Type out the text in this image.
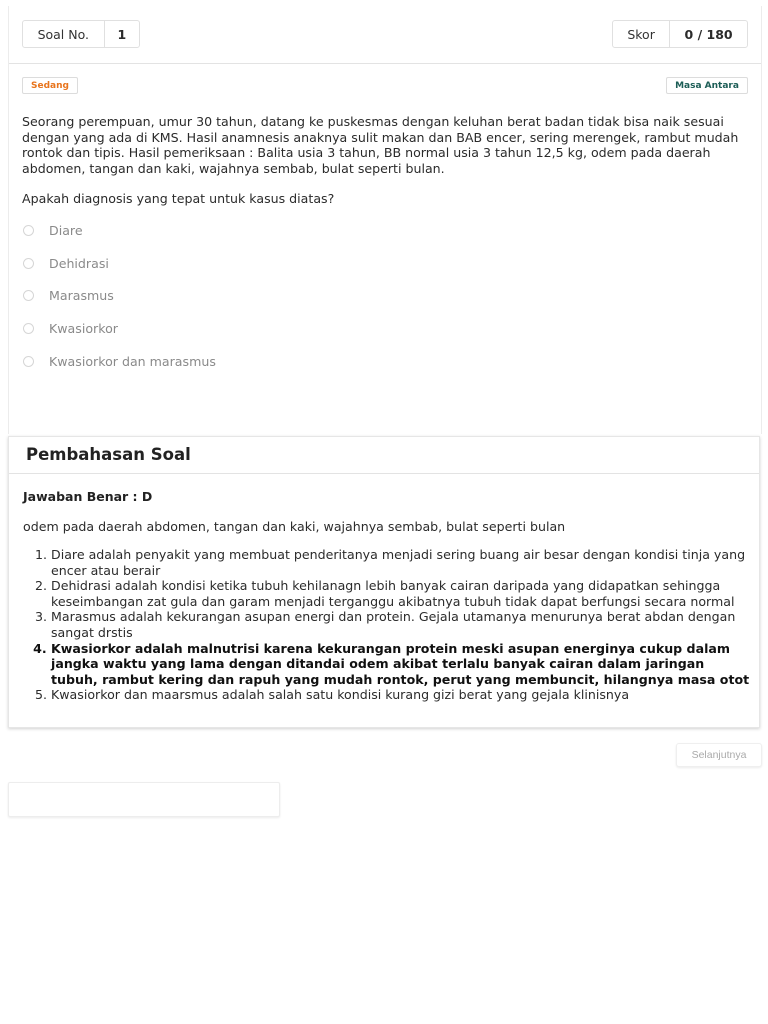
Soal No.	1	Skor	0 / 180
Sedang	Masa Antara

Seorang perempuan, umur 30 tahun, datang ke puskesmas dengan keluhan berat badan tidak bisa naik sesuai dengan yang ada di KMS. Hasil anamnesis anaknya sulit makan dan BAB encer, sering merengek, rambut mudah rontok dan tipis. Hasil pemeriksaan : Balita usia 3 tahun, BB normal usia 3 tahun 12,5 kg, odem pada daerah abdomen, tangan dan kaki, wajahnya sembab, bulat seperti bulan.

Apakah diagnosis yang tepat untuk kasus diatas?

Diare
Dehidrasi
Marasmus
Kwasiorkor
Kwasiorkor dan marasmus
Pembahasan Soal
Jawaban Benar : D
odem pada daerah abdomen, tangan dan kaki, wajahnya sembab, bulat seperti bulan
1. Diare adalah penyakit yang membuat penderitanya menjadi sering buang air besar dengan kondisi tinja yang encer atau berair
2. Dehidrasi adalah kondisi ketika tubuh kehilanagn lebih banyak cairan daripada yang didapatkan sehingga keseimbangan zat gula dan garam menjadi terganggu akibatnya tubuh tidak dapat berfungsi secara normal
3. Marasmus adalah kekurangan asupan energi dan protein. Gejala utamanya menurunya berat abdan dengan sangat drstis
4. Kwasiorkor adalah malnutrisi karena kekurangan protein meski asupan energinya cukup dalam jangka waktu yang lama dengan ditandai odem akibat terlalu banyak cairan dalam jaringan tubuh, rambut kering dan rapuh yang mudah rontok, perut yang membuncit, hilangnya masa otot
5. Kwasiorkor dan maarsmus adalah salah satu kondisi kurang gizi berat yang gejala klinisnya
Selanjutnya
